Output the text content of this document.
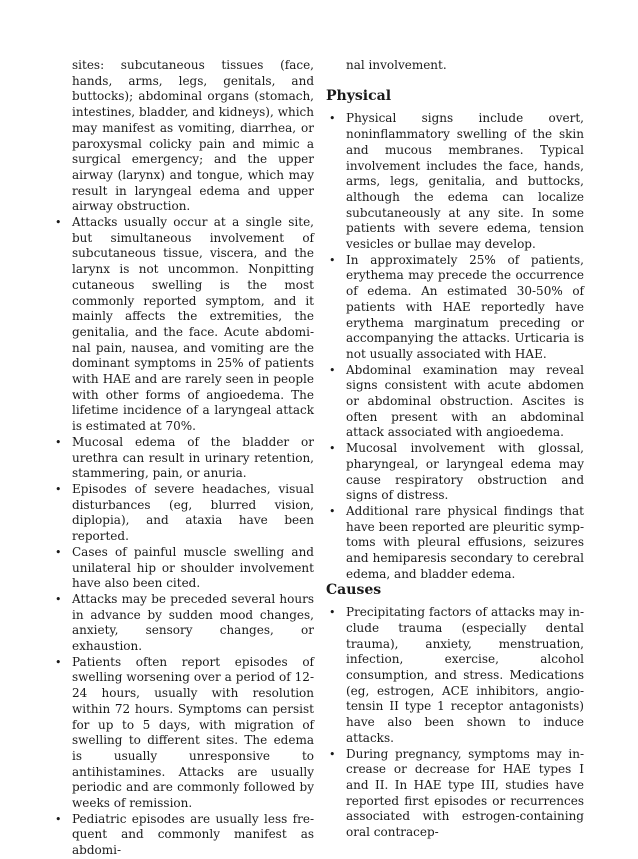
sites: subcutaneous tissues (face, hands, arms, legs, genitals, and buttocks); abdominal organs (stomach, intestines, bladder, and kidneys), which may manifest as vomiting, diarrhea, or paroxysmal colicky pain and mimic a surgical emergency; and the upper airway (larynx) and tongue, which may result in laryngeal edema and upper airway obstruction.

• Attacks usually occur at a single site, but simultaneous involvement of subcutaneous tissue, viscera, and the larynx is not uncommon. Nonpitting cutaneous swelling is the most commonly reported symptom, and it mainly affects the extremities, the genitalia, and the face. Acute abdominal pain, nausea, and vomiting are the dominant symptoms in 25% of patients with HAE and are rarely seen in people with other forms of angioedema. The lifetime incidence of a laryngeal attack is estimated at 70%.
• Mucosal edema of the bladder or urethra can result in urinary retention, stammering, pain, or anuria.
• Episodes of severe headaches, visual disturbances (eg, blurred vision, diplopia), and ataxia have been reported.
• Cases of painful muscle swelling and unilateral hip or shoulder involvement have also been cited.
• Attacks may be preceded several hours in advance by sudden mood changes, anxiety, sensory changes, or exhaustion.
• Patients often report episodes of swelling worsening over a period of 12-24 hours, usually with resolution within 72 hours. Symptoms can persist for up to 5 days, with migration of swelling to different sites. The edema is usually unresponsive to antihistamines. Attacks are usually periodic and are commonly followed by weeks of remission.
• Pediatric episodes are usually less frequent and commonly manifest as abdomi-

nal involvement.

Physical
• Physical signs include overt, noninflammatory swelling of the skin and mucous membranes. Typical involvement includes the face, hands, arms, legs, genitalia, and buttocks, although the edema can localize subcutaneously at any site. In some patients with severe edema, tension vesicles or bullae may develop.
• In approximately 25% of patients, erythema may precede the occurrence of edema. An estimated 30-50% of patients with HAE reportedly have erythema marginatum preceding or accompanying the attacks. Urticaria is not usually associated with HAE.
• Abdominal examination may reveal signs consistent with acute abdomen or abdominal obstruction. Ascites is often present with an abdominal attack associated with angioedema.
• Mucosal involvement with glossal, pharyngeal, or laryngeal edema may cause respiratory obstruction and signs of distress.
• Additional rare physical findings that have been reported are pleuritic symptoms with pleural effusions, seizures and hemiparesis secondary to cerebral edema, and bladder edema.
Causes
• Precipitating factors of attacks may include trauma (especially dental trauma), anxiety, menstruation, infection, exercise, alcohol consumption, and stress. Medications (eg, estrogen, ACE inhibitors, angiotensin II type 1 receptor antagonists) have also been shown to induce attacks.
• During pregnancy, symptoms may increase or decrease for HAE types I and II. In HAE type III, studies have reported first episodes or recurrences associated with estrogen-containing oral contracep-
